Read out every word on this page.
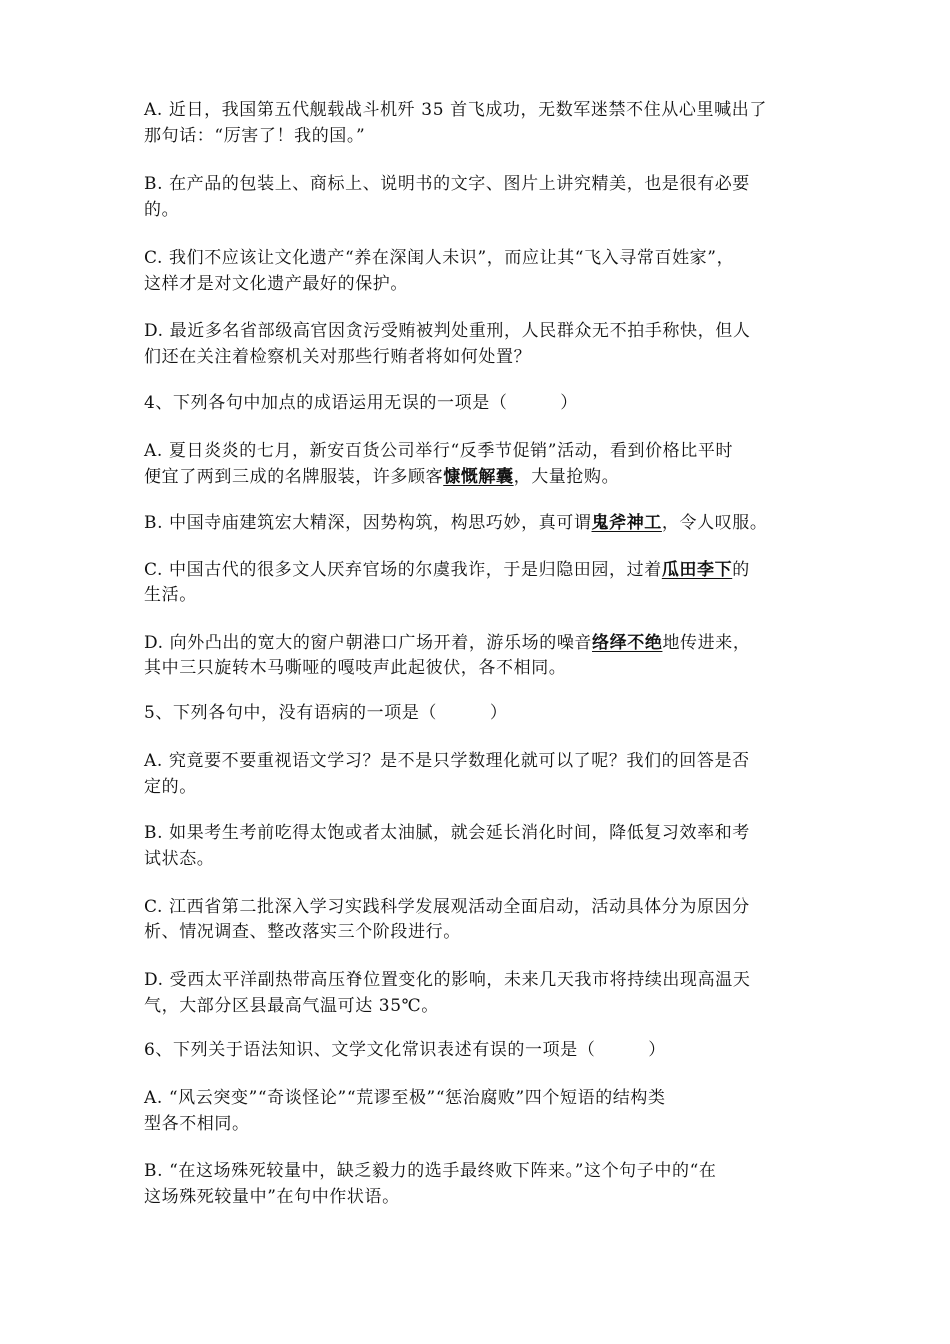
A. 近日，我国第五代舰载战斗机歼 35 首飞成功，无数军迷禁不住从心里喊出了
那句话：“厉害了！我的国。”
B. 在产品的包装上、商标上、说明书的文字、图片上讲究精美，也是很有必要
的。
C. 我们不应该让文化遗产“养在深闺人未识”，而应让其“飞入寻常百姓家”，
这样才是对文化遗产最好的保护。
D. 最近多名省部级高官因贪污受贿被判处重刑，人民群众无不拍手称快，但人
们还在关注着检察机关对那些行贿者将如何处置？
4、下列各句中加点的成语运用无误的一项是（　　　）
A. 夏日炎炎的七月，新安百货公司举行“反季节促销”活动，看到价格比平时
便宜了两到三成的名牌服装，许多顾客慷慨解囊，大量抢购。
B. 中国寺庙建筑宏大精深，因势构筑，构思巧妙，真可谓鬼斧神工，令人叹服。
C. 中国古代的很多文人厌弃官场的尔虞我诈，于是归隐田园，过着瓜田李下的
生活。
D. 向外凸出的宽大的窗户朝港口广场开着，游乐场的噪音络绎不绝地传进来，
其中三只旋转木马嘶哑的嘎吱声此起彼伏，各不相同。
5、下列各句中，没有语病的一项是（　　　）
A. 究竟要不要重视语文学习？是不是只学数理化就可以了呢？我们的回答是否
定的。
B. 如果考生考前吃得太饱或者太油腻，就会延长消化时间，降低复习效率和考
试状态。
C. 江西省第二批深入学习实践科学发展观活动全面启动，活动具体分为原因分
析、情况调查、整改落实三个阶段进行。
D. 受西太平洋副热带高压脊位置变化的影响，未来几天我市将持续出现高温天
气，大部分区县最高气温可达 35℃。
6、下列关于语法知识、文学文化常识表述有误的一项是（　　　）
A. “风云突变”“奇谈怪论”“荒谬至极”“惩治腐败”四个短语的结构类
型各不相同。
B. “在这场殊死较量中，缺乏毅力的选手最终败下阵来。”这个句子中的“在
这场殊死较量中”在句中作状语。
